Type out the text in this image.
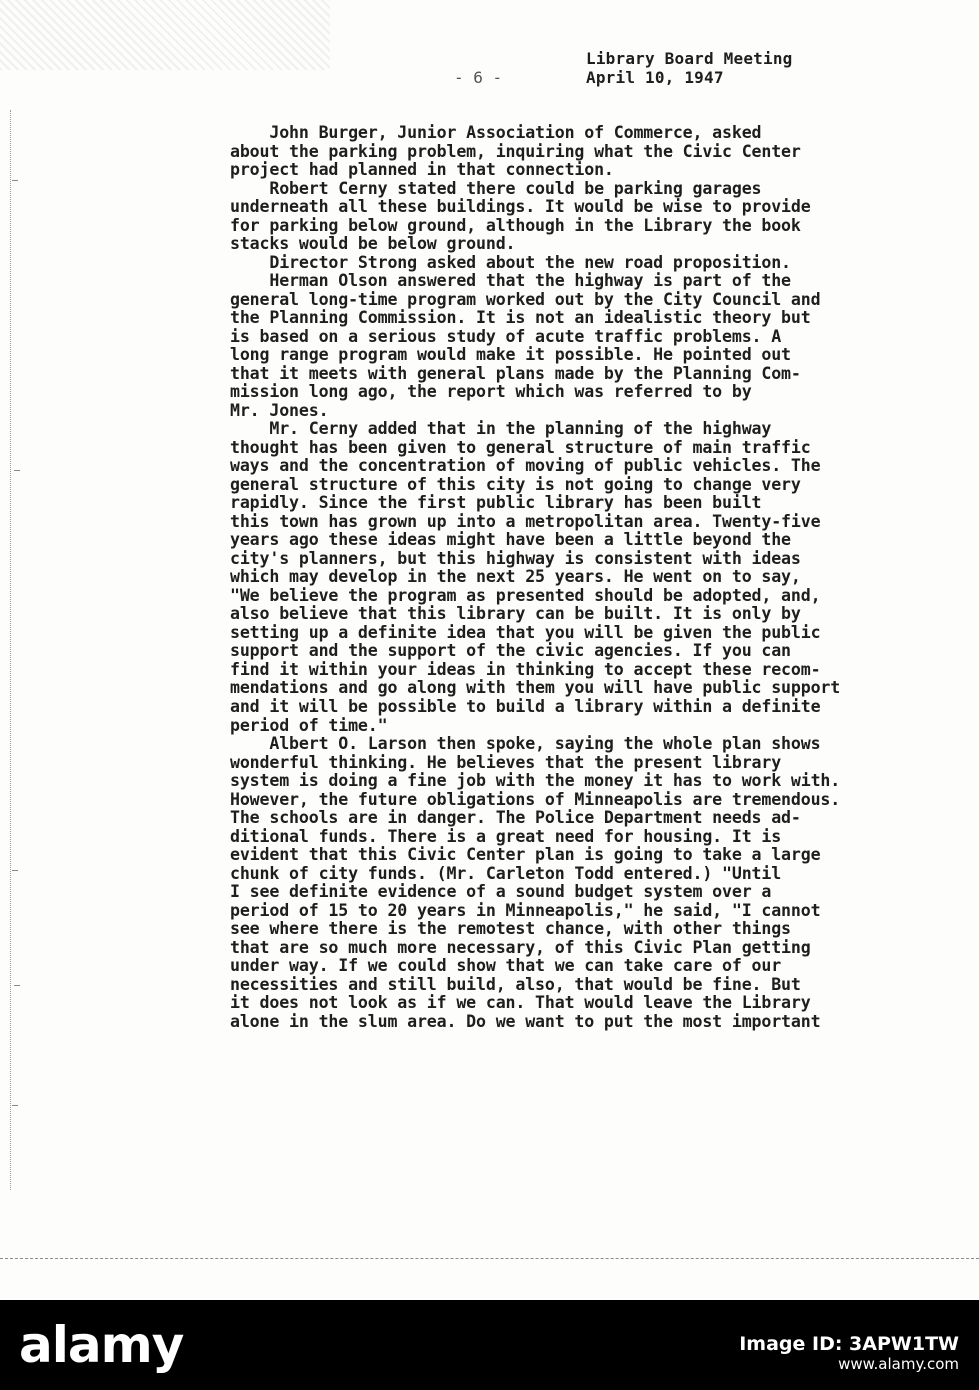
- 6 -
Library Board Meeting
April 10, 1947
John Burger, Junior Association of Commerce, asked
about the parking problem, inquiring what the Civic Center
project had planned in that connection.
Robert Cerny stated there could be parking garages
underneath all these buildings. It would be wise to provide
for parking below ground, although in the Library the book
stacks would be below ground.
Director Strong asked about the new road proposition.
Herman Olson answered that the highway is part of the
general long-time program worked out by the City Council and
the Planning Commission. It is not an idealistic theory but
is based on a serious study of acute traffic problems. A
long range program would make it possible. He pointed out
that it meets with general plans made by the Planning Com-
mission long ago, the report which was referred to by
Mr. Jones.
Mr. Cerny added that in the planning of the highway
thought has been given to general structure of main traffic
ways and the concentration of moving of public vehicles. The
general structure of this city is not going to change very
rapidly. Since the first public library has been built
this town has grown up into a metropolitan area. Twenty-five
years ago these ideas might have been a little beyond the
city's planners, but this highway is consistent with ideas
which may develop in the next 25 years. He went on to say,
"We believe the program as presented should be adopted, and,
also believe that this library can be built. It is only by
setting up a definite idea that you will be given the public
support and the support of the civic agencies. If you can
find it within your ideas in thinking to accept these recom-
mendations and go along with them you will have public support
and it will be possible to build a library within a definite
period of time."
Albert O. Larson then spoke, saying the whole plan shows
wonderful thinking. He believes that the present library
system is doing a fine job with the money it has to work with.
However, the future obligations of Minneapolis are tremendous.
The schools are in danger. The Police Department needs ad-
ditional funds. There is a great need for housing. It is
evident that this Civic Center plan is going to take a large
chunk of city funds. (Mr. Carleton Todd entered.) "Until
I see definite evidence of a sound budget system over a
period of 15 to 20 years in Minneapolis," he said, "I cannot
see where there is the remotest chance, with other things
that are so much more necessary, of this Civic Plan getting
under way. If we could show that we can take care of our
necessities and still build, also, that would be fine. But
it does not look as if we can. That would leave the Library
alone in the slum area. Do we want to put the most important
alamy	Image ID: 3APW1TW
www.alamy.com
